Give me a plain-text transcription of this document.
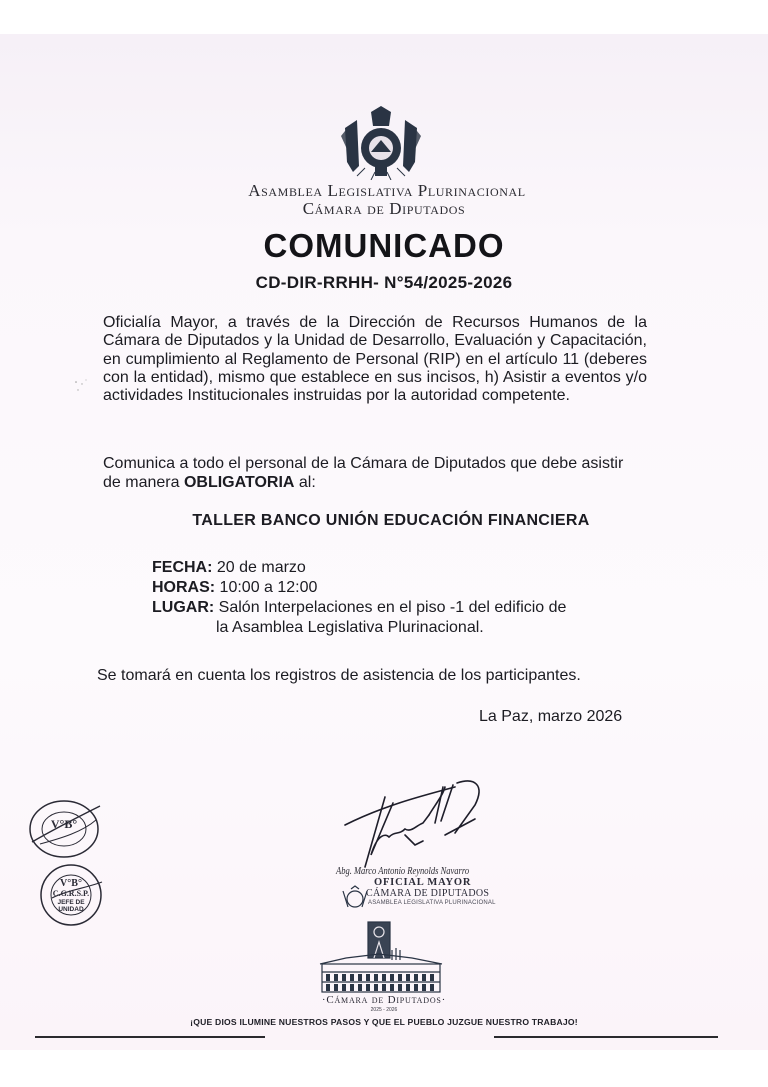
Asamblea Legislativa Plurinacional
Cámara de Diputados
COMUNICADO
CD-DIR-RRHH- N°54/2025-2026
Oficialía Mayor, a través de la Dirección de Recursos Humanos de la Cámara de Diputados y la Unidad de Desarrollo, Evaluación y Capacitación, en cumplimiento al Reglamento de Personal (RIP) en el artículo 11 (deberes con la entidad), mismo que establece en sus incisos, h) Asistir a eventos y/o actividades Institucionales instruidas por la autoridad competente.
Comunica a todo el personal de la Cámara de Diputados que debe asistir de manera OBLIGATORIA al:
TALLER BANCO UNIÓN EDUCACIÓN FINANCIERA
FECHA: 20 de marzo
HORAS: 10:00 a 12:00
LUGAR: Salón Interpelaciones en el piso -1 del edificio de
la Asamblea Legislativa Plurinacional.
Se tomará en cuenta los registros de asistencia de los participantes.
La Paz, marzo 2026
Abg. Marco Antonio Reynolds Navarro
OFICIAL MAYOR
CÁMARA DE DIPUTADOS
ASAMBLEA LEGISLATIVA PLURINACIONAL
V°B°
V°B°
C.G.R.S.P.
JEFE DE
UNIDAD
·Cámara de Diputados·
2025 - 2026
¡QUE DIOS ILUMINE NUESTROS PASOS Y QUE EL PUEBLO JUZGUE NUESTRO TRABAJO!
